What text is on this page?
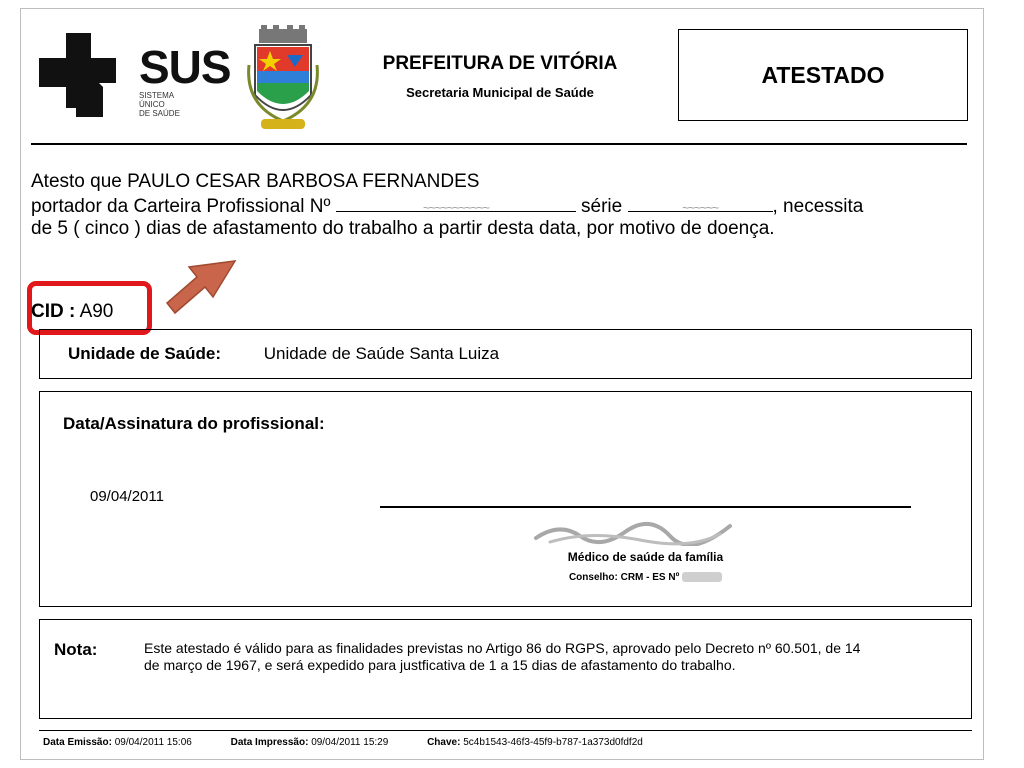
SUS
SISTEMA
ÚNICO
DE SAÚDE
PREFEITURA DE VITÓRIA
Secretaria Municipal de Saúde
ATESTADO
Atesto que PAULO CESAR BARBOSA FERNANDES
portador da Carteira Profissional Nº	~~~~~~~~~~~	série	~~~~~~	, necessita
de 5 ( cinco ) dias de afastamento do trabalho a partir desta data, por motivo de doença.
CID : A90
Unidade de Saúde:	Unidade de Saúde Santa Luiza
Data/Assinatura do profissional:
09/04/2011
Médico de saúde da família
Conselho: CRM - ES Nº
Nota:	Este atestado é válido para as finalidades previstas no Artigo 86 do RGPS, aprovado pelo Decreto nº 60.501, de 14 de março de 1967, e será expedido para justficativa de 1 a 15 dias de afastamento do trabalho.
Data Emissão: 09/04/2011 15:06	Data Impressão: 09/04/2011 15:29	Chave: 5c4b1543-46f3-45f9-b787-1a373d0fdf2d
